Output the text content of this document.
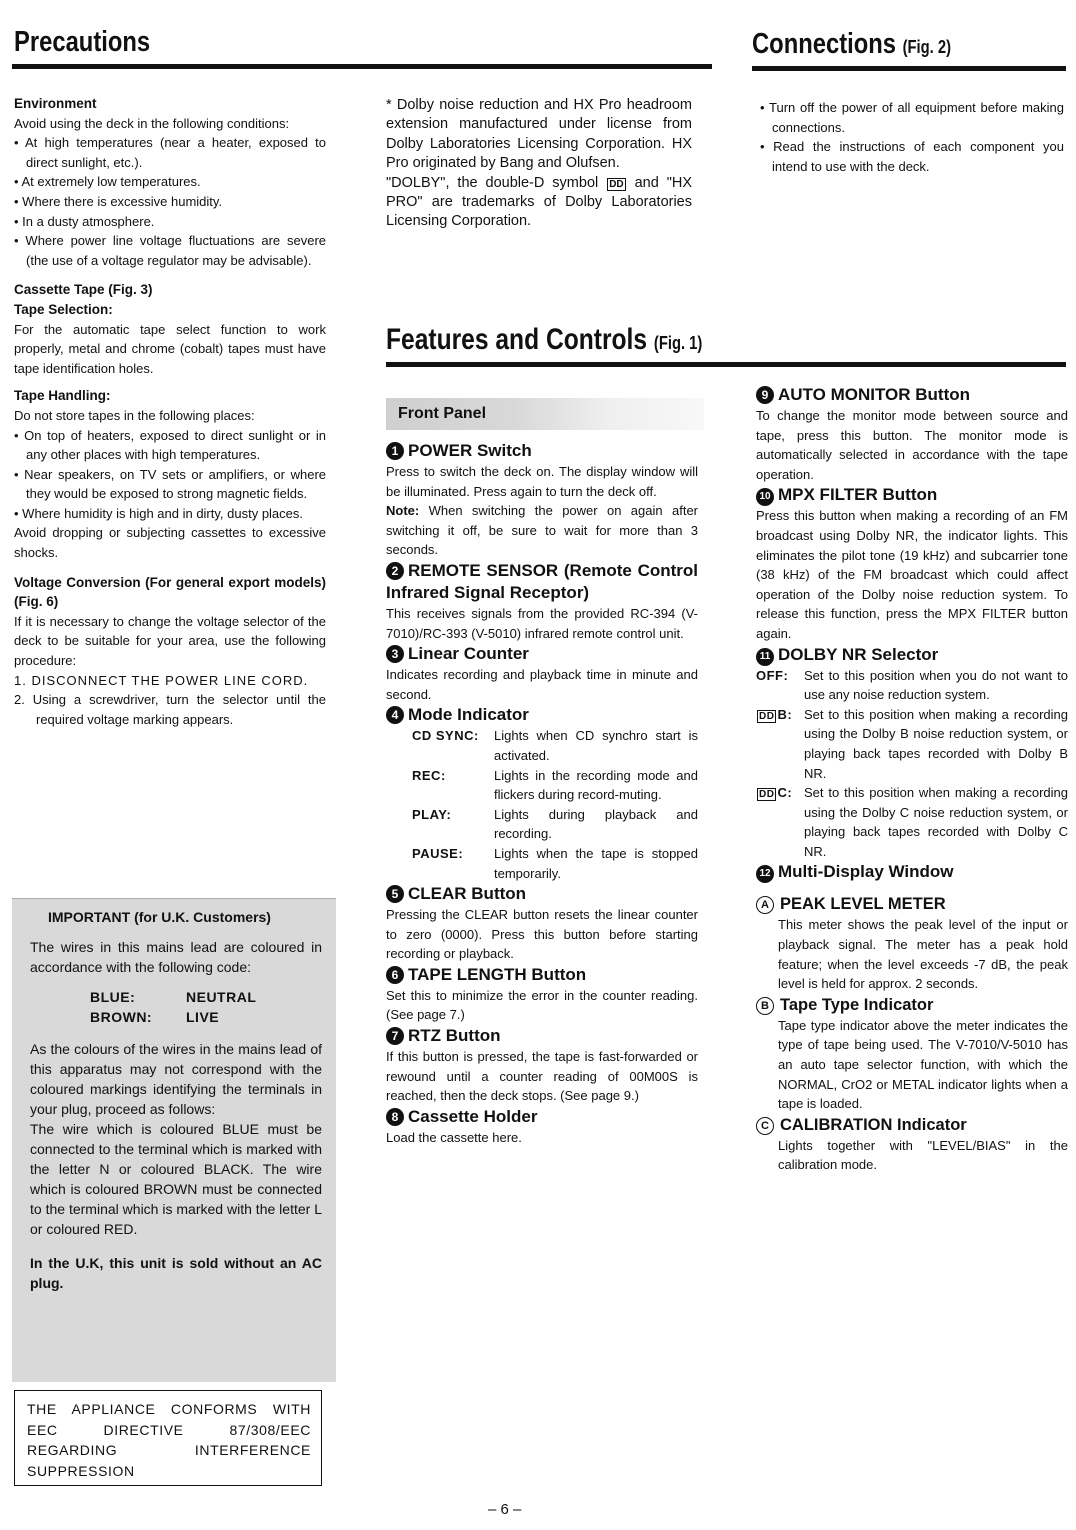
Precautions	Connections (Fig. 2)
Features and Controls (Fig. 1)

Environment

Avoid using the deck in the following conditions:

• At high temperatures (near a heater, exposed to direct sunlight, etc.).

• At extremely low temperatures.

• Where there is excessive humidity.

• In a dusty atmosphere.

• Where power line voltage fluctuations are severe (the use of a voltage regulator may be advisable).

Cassette Tape (Fig. 3)

Tape Selection:

For the automatic tape select function to work properly, metal and chrome (cobalt) tapes must have tape identification holes.

Tape Handling:

Do not store tapes in the following places:

• On top of heaters, exposed to direct sunlight or in any other places with high temperatures.

• Near speakers, on TV sets or amplifiers, or where they would be exposed to strong magnetic fields.

• Where humidity is high and in dirty, dusty places.

Avoid dropping or subjecting cassettes to excessive shocks.

Voltage Conversion (For general export models) (Fig. 6)

If it is necessary to change the voltage selector of the deck to be suitable for your area, use the following procedure:

1. DISCONNECT THE POWER LINE CORD.

2. Using a screwdriver, turn the selector until the required voltage marking appears.

IMPORTANT (for U.K. Customers)

The wires in this mains lead are coloured in accordance with the following code:

BLUE:	NEUTRAL
BROWN: LIVE

As the colours of the wires in the mains lead of this apparatus may not correspond with the coloured markings identifying the terminals in your plug, proceed as follows:

The wire which is coloured BLUE must be connected to the terminal which is marked with the letter N or coloured BLACK. The wire which is coloured BROWN must be connected to the terminal which is marked with the letter L or coloured RED.

In the U.K, this unit is sold without an AC plug.

THE APPLIANCE CONFORMS WITH EEC DIRECTIVE 87/308/EEC REGARDING INTERFERENCE SUPPRESSION

* Dolby noise reduction and HX Pro headroom extension manufactured under license from Dolby Laboratories Licensing Corporation. HX Pro originated by Bang and Olufsen.

"DOLBY", the double-D symbol DD and "HX PRO" are trademarks of Dolby Laboratories Licensing Corporation.

• Turn off the power of all equipment before making connections.

• Read the instructions of each component you intend to use with the deck.

Front Panel

1 POWER Switch

Press to switch the deck on. The display window will be illuminated. Press again to turn the deck off.

Note: When switching the power on again after switching it off, be sure to wait for more than 3 seconds.

2 REMOTE SENSOR (Remote Control Infrared Signal Receptor)

This receives signals from the provided RC-394 (V-7010)/RC-393 (V-5010) infrared remote control unit.

3 Linear Counter

Indicates recording and playback time in minute and second.

4 Mode Indicator

CD SYNC:	Lights when CD synchro start is activated.
REC:	Lights in the recording mode and flickers during record-muting.
PLAY:	Lights during playback and recording.
PAUSE:	Lights when the tape is stopped temporarily.

5 CLEAR Button

Pressing the CLEAR button resets the linear counter to zero (0000). Press this button before starting recording or playback.

6 TAPE LENGTH Button

Set this to minimize the error in the counter reading. (See page 7.)

7 RTZ Button

If this button is pressed, the tape is fast-forwarded or rewound until a counter reading of 00M00S is reached, then the deck stops. (See page 9.)

8 Cassette Holder

Load the cassette here.

9 AUTO MONITOR Button

To change the monitor mode between source and tape, press this button. The monitor mode is automatically selected in accordance with the tape operation.

10 MPX FILTER Button

Press this button when making a recording of an FM broadcast using Dolby NR, the indicator lights. This eliminates the pilot tone (19 kHz) and subcarrier tone (38 kHz) of the FM broadcast which could affect operation of the Dolby noise reduction system. To release this function, press the MPX FILTER button again.

11 DOLBY NR Selector

OFF:	Set to this position when you do not want to use any noise reduction system.
DD B: Set to this position when making a recording using the Dolby B noise reduction system, or playing back tapes recorded with Dolby B NR.
DD C: Set to this position when making a recording using the Dolby C noise reduction system, or playing back tapes recorded with Dolby C NR.

12 Multi-Display Window

A PEAK LEVEL METER

This meter shows the peak level of the input or playback signal. The meter has a peak hold feature; when the level exceeds -7 dB, the peak level is held for approx. 2 seconds.

B Tape Type Indicator

Tape type indicator above the meter indicates the type of tape being used. The V-7010/V-5010 has an auto tape selector function, with which the NORMAL, CrO2 or METAL indicator lights when a tape is loaded.

C CALIBRATION Indicator

Lights together with "LEVEL/BIAS" in the calibration mode.

– 6 –
